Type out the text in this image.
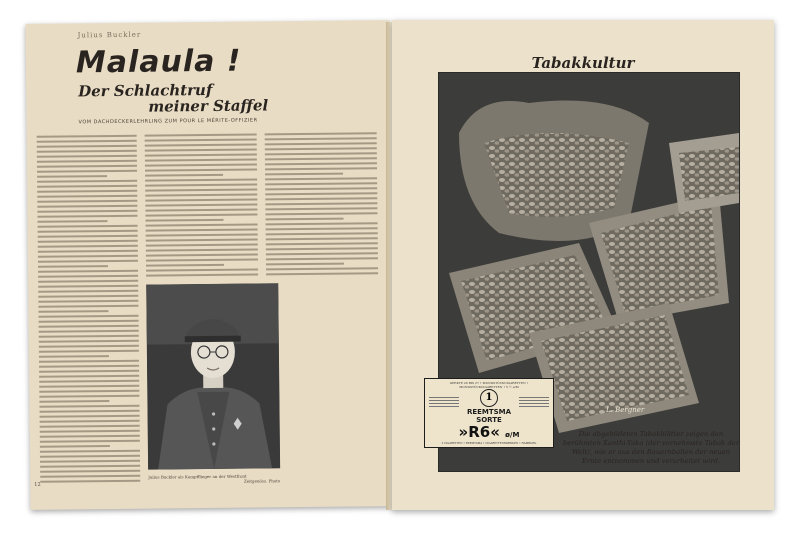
Julius Buckler
Malaula !
Der Schlachtruf
meiner Staffel
VOM DACHDECKERLEHRLING ZUM POUR LE MÉRITE-OFFIZIER
Julius Buckler als Kampfflieger an der Westfront
Zeitgenöss. Photo
12
Tabakkultur
GEEKTE 20 BIS 27 • MUNDSTÜCKCIGARETTEN • MUNDSTÜCKCIGARETTEN • 5 ½ ø/M
1
REEMTSMA
SORTE
»R6« ø/M
5 CIGARETTEN • REEMTSMA • CIGARETTENFABRIKEN • HAMBURG
L. Bergner
Die abgebildeten Tabakblätter zeigen den berühmten Xanthi-Yaka (der vornehmste Tabak der Welt), wie er aus den Bauernballen der neuen Ernte entnommen und verarbeitet wird.
